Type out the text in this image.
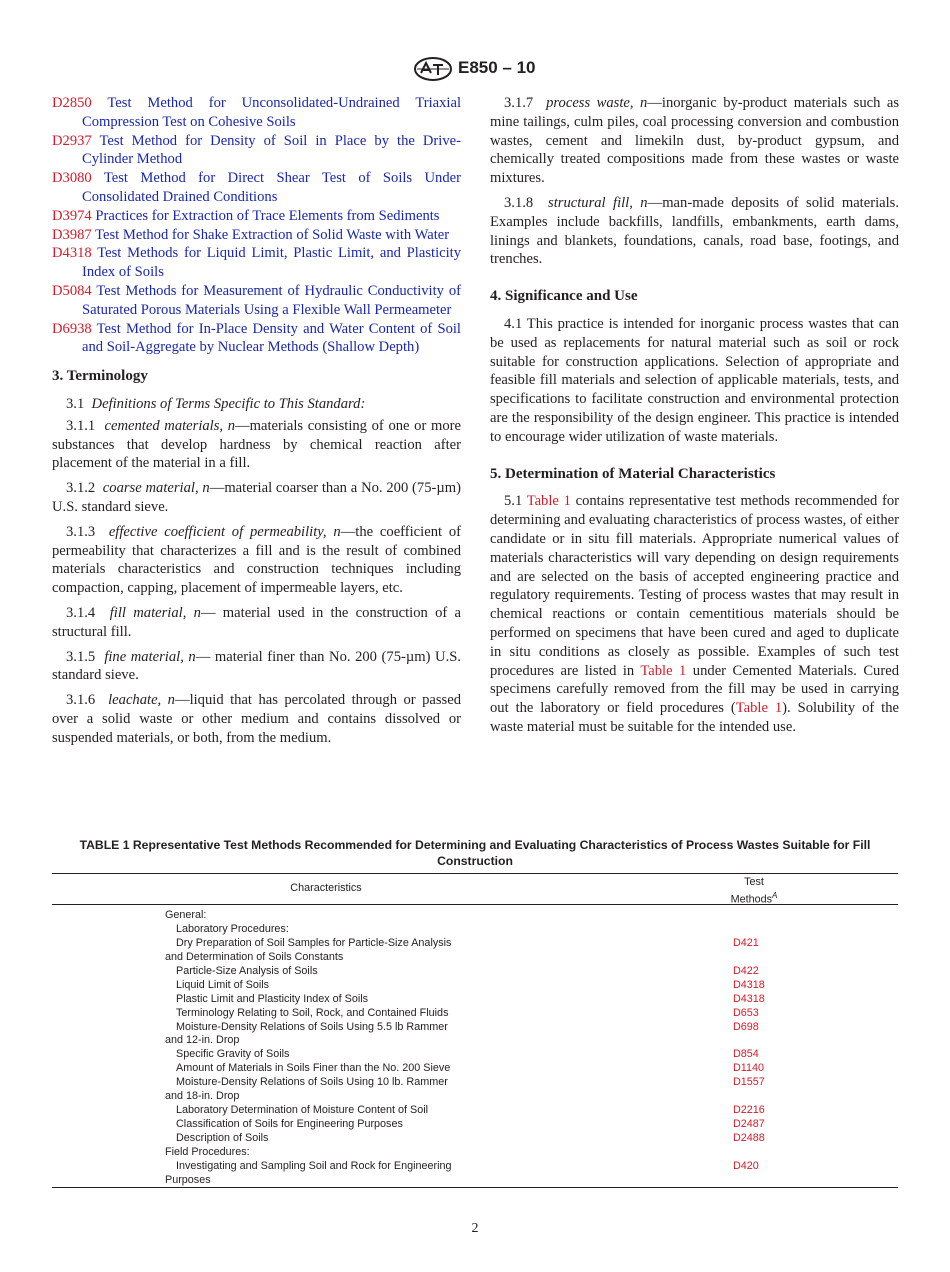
E850 – 10
D2850 Test Method for Unconsolidated-Undrained Triaxial Compression Test on Cohesive Soils
D2937 Test Method for Density of Soil in Place by the Drive-Cylinder Method
D3080 Test Method for Direct Shear Test of Soils Under Consolidated Drained Conditions
D3974 Practices for Extraction of Trace Elements from Sediments
D3987 Test Method for Shake Extraction of Solid Waste with Water
D4318 Test Methods for Liquid Limit, Plastic Limit, and Plasticity Index of Soils
D5084 Test Methods for Measurement of Hydraulic Conductivity of Saturated Porous Materials Using a Flexible Wall Permeameter
D6938 Test Method for In-Place Density and Water Content of Soil and Soil-Aggregate by Nuclear Methods (Shallow Depth)
3. Terminology
3.1 Definitions of Terms Specific to This Standard:
3.1.1 cemented materials, n—materials consisting of one or more substances that develop hardness by chemical reaction after placement of the material in a fill.
3.1.2 coarse material, n—material coarser than a No. 200 (75-µm) U.S. standard sieve.
3.1.3 effective coefficient of permeability, n—the coefficient of permeability that characterizes a fill and is the result of combined materials characteristics and construction techniques including compaction, capping, placement of impermeable layers, etc.
3.1.4 fill material, n— material used in the construction of a structural fill.
3.1.5 fine material, n— material finer than No. 200 (75-µm) U.S. standard sieve.
3.1.6 leachate, n—liquid that has percolated through or passed over a solid waste or other medium and contains dissolved or suspended materials, or both, from the medium.
3.1.7 process waste, n—inorganic by-product materials such as mine tailings, culm piles, coal processing conversion and combustion wastes, cement and limekiln dust, by-product gypsum, and chemically treated compositions made from these wastes or waste mixtures.
3.1.8 structural fill, n—man-made deposits of solid materials. Examples include backfills, landfills, embankments, earth dams, linings and blankets, foundations, canals, road base, footings, and trenches.
4. Significance and Use
4.1 This practice is intended for inorganic process wastes that can be used as replacements for natural material such as soil or rock suitable for construction applications. Selection of appropriate and feasible fill materials and selection of applicable materials, tests, and specifications to facilitate construction and environmental protection are the responsibility of the design engineer. This practice is intended to encourage wider utilization of waste materials.
5. Determination of Material Characteristics
5.1 Table 1 contains representative test methods recommended for determining and evaluating characteristics of process wastes, of either candidate or in situ fill materials. Appropriate numerical values of materials characteristics will vary depending on design requirements and are selected on the basis of accepted engineering practice and regulatory requirements. Testing of process wastes that may result in chemical reactions or contain cementitious materials should be performed on specimens that have been cured and aged to duplicate in situ conditions as closely as possible. Examples of such test procedures are listed in Table 1 under Cemented Materials. Cured specimens carefully removed from the fill may be used in carrying out the laboratory or field procedures (Table 1). Solubility of the waste material must be suitable for the intended use.
TABLE 1 Representative Test Methods Recommended for Determining and Evaluating Characteristics of Process Wastes Suitable for Fill Construction
Characteristics	Test
Methods$^A$
General:
Laboratory Procedures:
Dry Preparation of Soil Samples for Particle-Size Analysis	D421
and Determination of Soils Constants
Particle-Size Analysis of Soils	D422
Liquid Limit of Soils	D4318
Plastic Limit and Plasticity Index of Soils	D4318
Terminology Relating to Soil, Rock, and Contained Fluids	D653
Moisture-Density Relations of Soils Using 5.5 lb Rammer	D698
and 12-in. Drop
Specific Gravity of Soils	D854
Amount of Materials in Soils Finer than the No. 200 Sieve	D1140
Moisture-Density Relations of Soils Using 10 lb. Rammer	D1557
and 18-in. Drop
Laboratory Determination of Moisture Content of Soil	D2216
Classification of Soils for Engineering Purposes	D2487
Description of Soils	D2488
Field Procedures:
Investigating and Sampling Soil and Rock for Engineering	D420
Purposes
2
